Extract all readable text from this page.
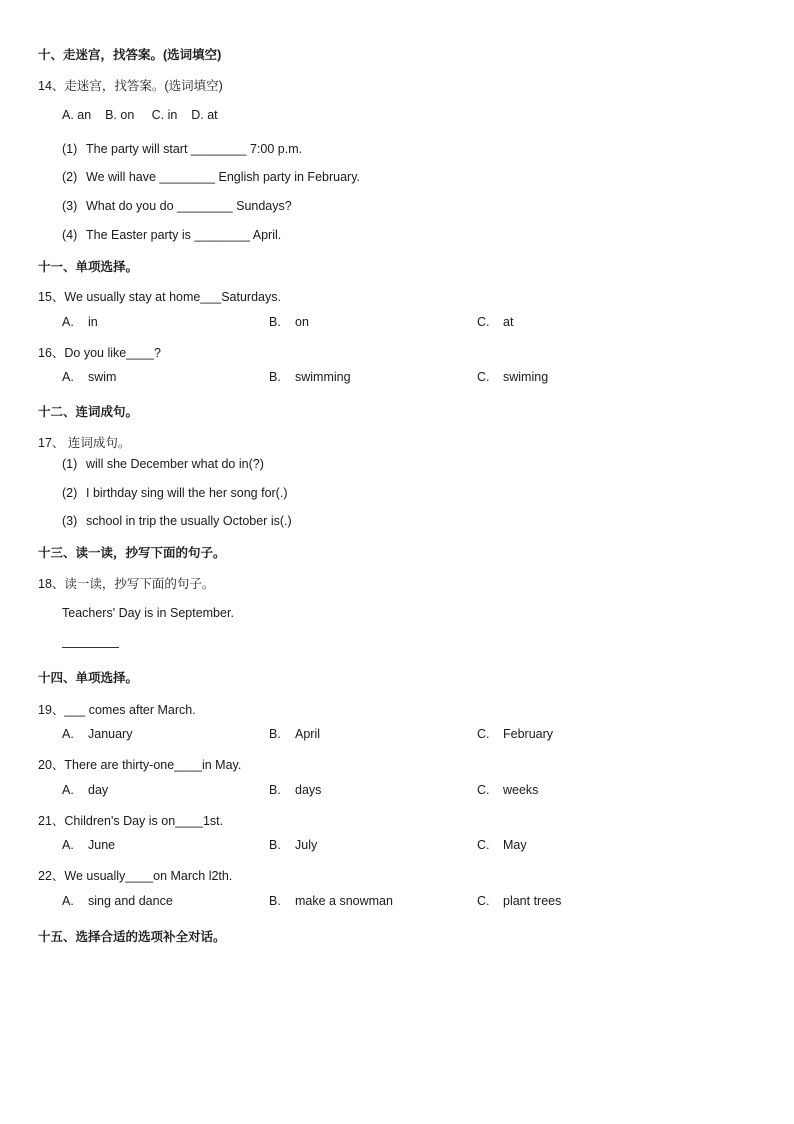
十、走迷宫，找答案。(选词填空)
14、走迷宫，找答案。(选词填空)
A. an    B. on     C. in    D. at
(1) The party will start ________ 7:00 p.m.
(2) We will have ________ English party in February.
(3) What do you do ________ Sundays?
(4) The Easter party is ________ April.
十一、单项选择。
15、We usually stay at home___Saturdays.
A. in	B. on	C. at
16、Do you like____?
A. swim	B. swimming	C. swiming
十二、连词成句。
17、 连词成句。
(1) will she December what do in(?)
(2) I birthday sing will the her song for(.)
(3) school in trip the usually October is(.)
十三、读一读，抄写下面的句子。
18、读一读，抄写下面的句子。
Teachers' Day is in September.
十四、单项选择。
19、___ comes after March.
A. January	B. April	C. February
20、There are thirty-one____in May.
A. day	B. days	C. weeks
21、Children's Day is on____1st.
A. June	B. July	C. May
22、We usually____on March l2th.
A. sing and dance	B. make a snowman	C. plant trees
十五、选择合适的选项补全对话。
